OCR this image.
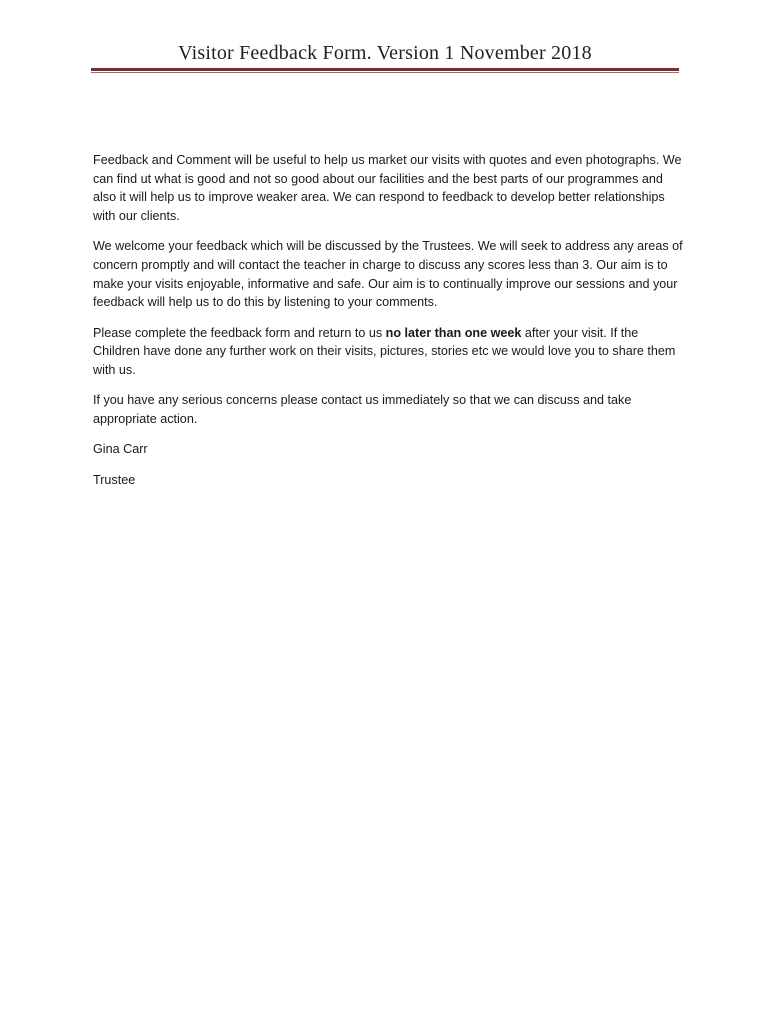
Visitor Feedback Form. Version 1 November 2018

Feedback and Comment will be useful to help us market our visits with quotes and even photographs. We can find ut what is good and not so good about our facilities and the best parts of our programmes and also it will help us to improve weaker area. We can respond to feedback to develop better relationships with our clients.

We welcome your feedback which will be discussed by the Trustees. We will seek to address any areas of concern promptly and will contact the teacher in charge to discuss any scores less than 3. Our aim is to make your visits enjoyable, informative and safe. Our aim is to continually improve our sessions and your feedback will help us to do this by listening to your comments.

Please complete the feedback form and return to us no later than one week after your visit. If the Children have done any further work on their visits, pictures, stories etc we would love you to share them with us.

If you have any serious concerns please contact us immediately so that we can discuss and take appropriate action.

Gina Carr

Trustee
